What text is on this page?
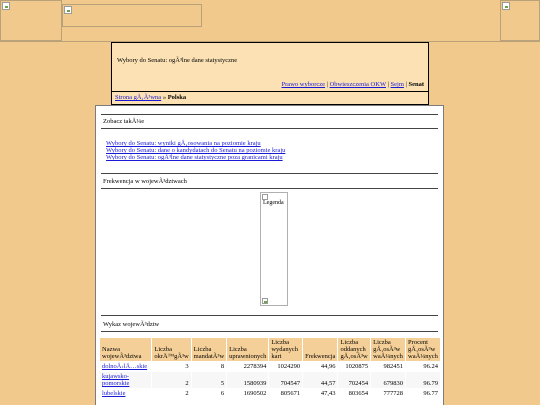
Wybory do Senatu: ogÃ³lne dane statystyczne
Prawo wyborcze | Obwieszczenia OKW | Sejm | Senat
Strona gÅ‚Ã³wna » Polska
Zobacz takÅ¼e
Wybory do Senatu: wyniki gÅ‚osowania na poziomie kraju
Wybory do Senatu: dane o kandydatach do Senatu na poziomie kraju
Wybory do Senatu: ogÃ³lne dane statystyczne poza granicami kraju
Frekwencja w wojewÃ³dztwach
Legenda
Wykaz wojewÃ³dztw
Nazwa wojewÃ³dztwa	Liczba okrÄ™gÃ³w	Liczba mandatÃ³w	Liczba uprawnionych	Liczba wydanych kart	Frekwencja	Liczba oddanych gÅ‚osÃ³w	Liczba gÅ‚osÃ³w waÅ¼nych	Procent gÅ‚osÃ³w waÅ¼nych
dolnoÅ›lÄ…skie	3	8	2278394	1024290	44,96	1020875	982451	96.24
kujawsko-pomorskie	2	5	1580939	704547	44,57	702454	679830	96.79
lubelskie	2	6	1690502	805671	47,43	803654	777728	96.77
